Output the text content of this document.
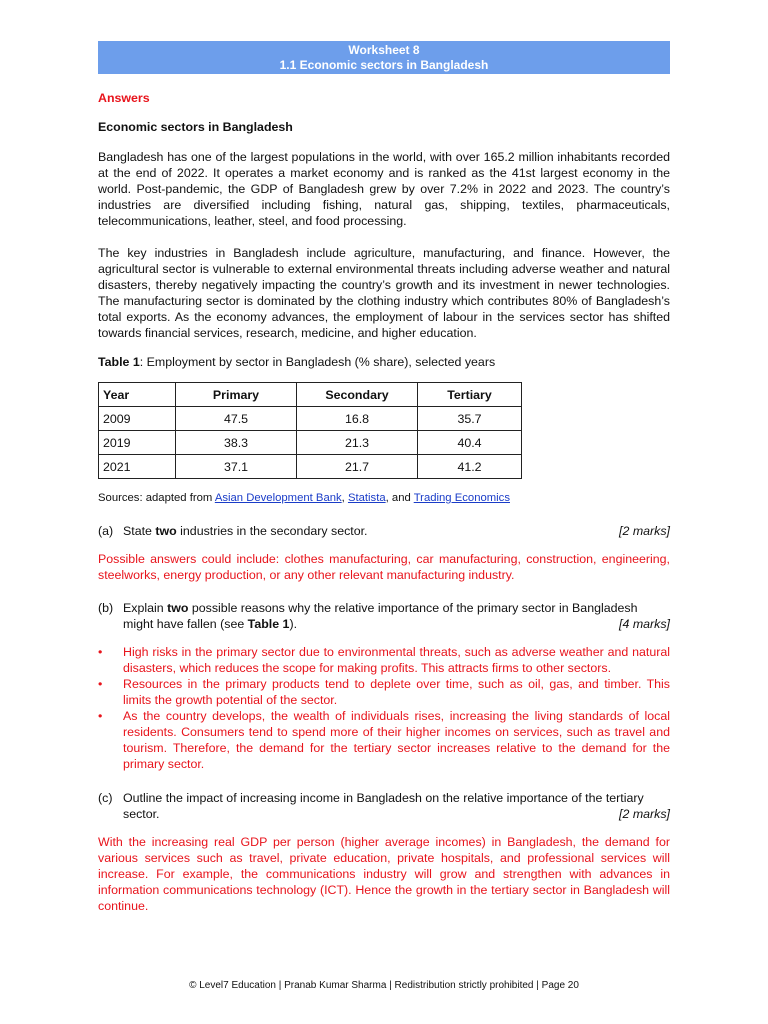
Worksheet 8
1.1 Economic sectors in Bangladesh
Answers
Economic sectors in Bangladesh

Bangladesh has one of the largest populations in the world, with over 165.2 million inhabitants recorded at the end of 2022. It operates a market economy and is ranked as the 41st largest economy in the world. Post-pandemic, the GDP of Bangladesh grew by over 7.2% in 2022 and 2023. The country’s industries are diversified including fishing, natural gas, shipping, textiles, pharmaceuticals, telecommunications, leather, steel, and food processing.

The key industries in Bangladesh include agriculture, manufacturing, and finance. However, the agricultural sector is vulnerable to external environmental threats including adverse weather and natural disasters, thereby negatively impacting the country’s growth and its investment in newer technologies. The manufacturing sector is dominated by the clothing industry which contributes 80% of Bangladesh’s total exports. As the economy advances, the employment of labour in the services sector has shifted towards financial services, research, medicine, and higher education.

Table 1: Employment by sector in Bangladesh (% share), selected years
Year	Primary	Secondary	Tertiary
2009	47.5	16.8	35.7
2019	38.3	21.3	40.4
2021	37.1	21.7	41.2
Sources: adapted from Asian Development Bank, Statista, and Trading Economics
(a) State two industries in the secondary sector.	[2 marks]

Possible answers could include: clothes manufacturing, car manufacturing, construction, engineering, steelworks, energy production, or any other relevant manufacturing industry.

(b) Explain two possible reasons why the relative importance of the primary sector in Bangladesh
might have fallen (see Table 1).	[4 marks]
• High risks in the primary sector due to environmental threats, such as adverse weather and natural disasters, which reduces the scope for making profits. This attracts firms to other sectors.
• Resources in the primary products tend to deplete over time, such as oil, gas, and timber. This limits the growth potential of the sector.
• As the country develops, the wealth of individuals rises, increasing the living standards of local residents. Consumers tend to spend more of their higher incomes on services, such as travel and tourism. Therefore, the demand for the tertiary sector increases relative to the demand for the primary sector.
(c) Outline the impact of increasing income in Bangladesh on the relative importance of the tertiary
sector.	[2 marks]

With the increasing real GDP per person (higher average incomes) in Bangladesh, the demand for various services such as travel, private education, private hospitals, and professional services will increase. For example, the communications industry will grow and strengthen with advances in information communications technology (ICT). Hence the growth in the tertiary sector in Bangladesh will continue.

© Level7 Education | Pranab Kumar Sharma | Redistribution strictly prohibited | Page 20
